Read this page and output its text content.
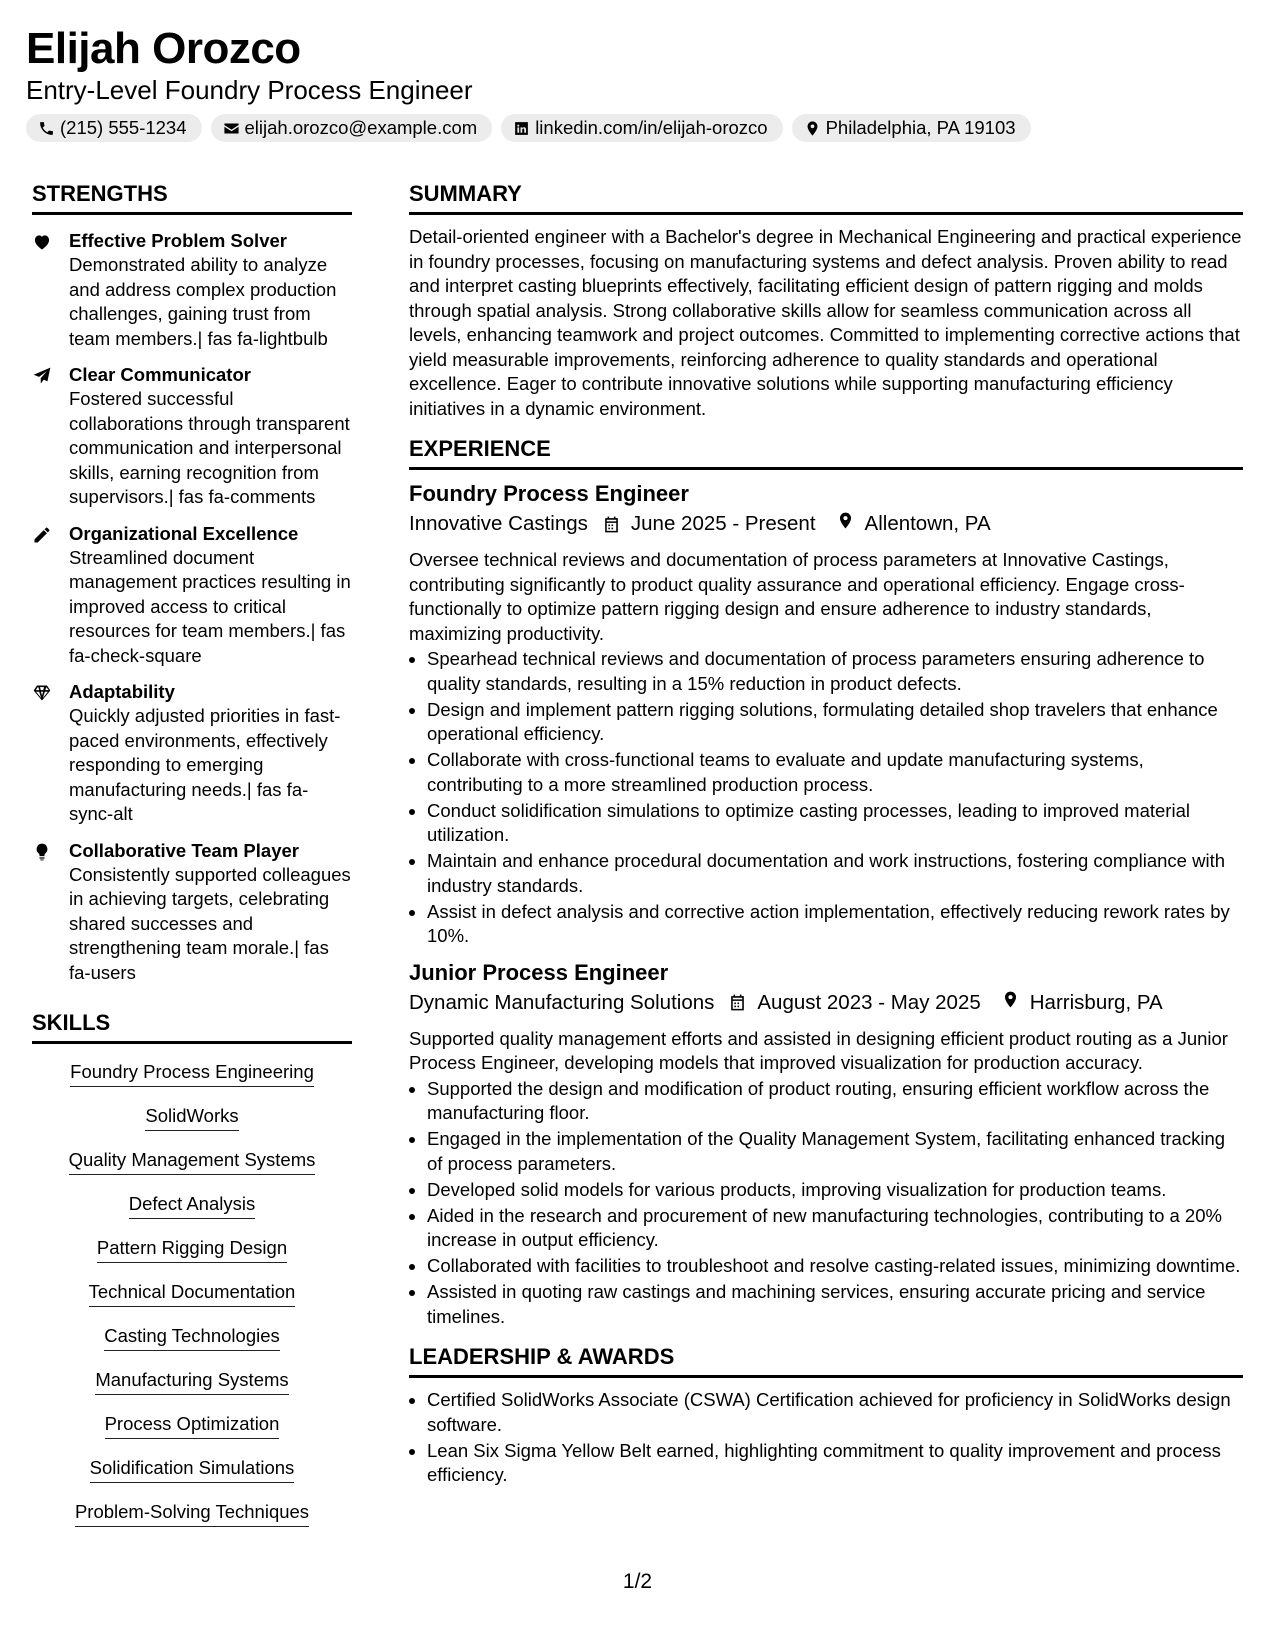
Elijah Orozco
Entry-Level Foundry Process Engineer
(215) 555-1234	elijah.orozco@example.com	linkedin.com/in/elijah-orozco	Philadelphia, PA 19103
STRENGTHS
Effective Problem Solver
Demonstrated ability to analyze and address complex production challenges, gaining trust from team members.| fas fa-lightbulb
Clear Communicator
Fostered successful collaborations through transparent communication and interpersonal skills, earning recognition from supervisors.| fas fa-comments
Organizational Excellence
Streamlined document management practices resulting in improved access to critical resources for team members.| fas fa-check-square
Adaptability
Quickly adjusted priorities in fast-paced environments, effectively responding to emerging manufacturing needs.| fas fa-sync-alt
Collaborative Team Player
Consistently supported colleagues in achieving targets, celebrating shared successes and strengthening team morale.| fas fa-users
SKILLS
Foundry Process Engineering
SolidWorks
Quality Management Systems
Defect Analysis
Pattern Rigging Design
Technical Documentation
Casting Technologies
Manufacturing Systems
Process Optimization
Solidification Simulations
Problem-Solving Techniques
SUMMARY

Detail-oriented engineer with a Bachelor's degree in Mechanical Engineering and practical experience in foundry processes, focusing on manufacturing systems and defect analysis. Proven ability to read and interpret casting blueprints effectively, facilitating efficient design of pattern rigging and molds through spatial analysis. Strong collaborative skills allow for seamless communication across all levels, enhancing teamwork and project outcomes. Committed to implementing corrective actions that yield measurable improvements, reinforcing adherence to quality standards and operational excellence. Eager to contribute innovative solutions while supporting manufacturing efficiency initiatives in a dynamic environment.

EXPERIENCE
Foundry Process Engineer
Innovative Castings June 2025 - Present Allentown, PA

Oversee technical reviews and documentation of process parameters at Innovative Castings, contributing significantly to product quality assurance and operational efficiency. Engage cross-functionally to optimize pattern rigging design and ensure adherence to industry standards, maximizing productivity.

• Spearhead technical reviews and documentation of process parameters ensuring adherence to quality standards, resulting in a 15% reduction in product defects.
• Design and implement pattern rigging solutions, formulating detailed shop travelers that enhance operational efficiency.
• Collaborate with cross-functional teams to evaluate and update manufacturing systems, contributing to a more streamlined production process.
• Conduct solidification simulations to optimize casting processes, leading to improved material utilization.
• Maintain and enhance procedural documentation and work instructions, fostering compliance with industry standards.
• Assist in defect analysis and corrective action implementation, effectively reducing rework rates by 10%.
Junior Process Engineer
Dynamic Manufacturing Solutions August 2023 - May 2025 Harrisburg, PA

Supported quality management efforts and assisted in designing efficient product routing as a Junior Process Engineer, developing models that improved visualization for production accuracy.

• Supported the design and modification of product routing, ensuring efficient workflow across the manufacturing floor.
• Engaged in the implementation of the Quality Management System, facilitating enhanced tracking of process parameters.
• Developed solid models for various products, improving visualization for production teams.
• Aided in the research and procurement of new manufacturing technologies, contributing to a 20% increase in output efficiency.
• Collaborated with facilities to troubleshoot and resolve casting-related issues, minimizing downtime.
• Assisted in quoting raw castings and machining services, ensuring accurate pricing and service timelines.
LEADERSHIP & AWARDS
• Certified SolidWorks Associate (CSWA) Certification achieved for proficiency in SolidWorks design software.
• Lean Six Sigma Yellow Belt earned, highlighting commitment to quality improvement and process efficiency.
1/2
